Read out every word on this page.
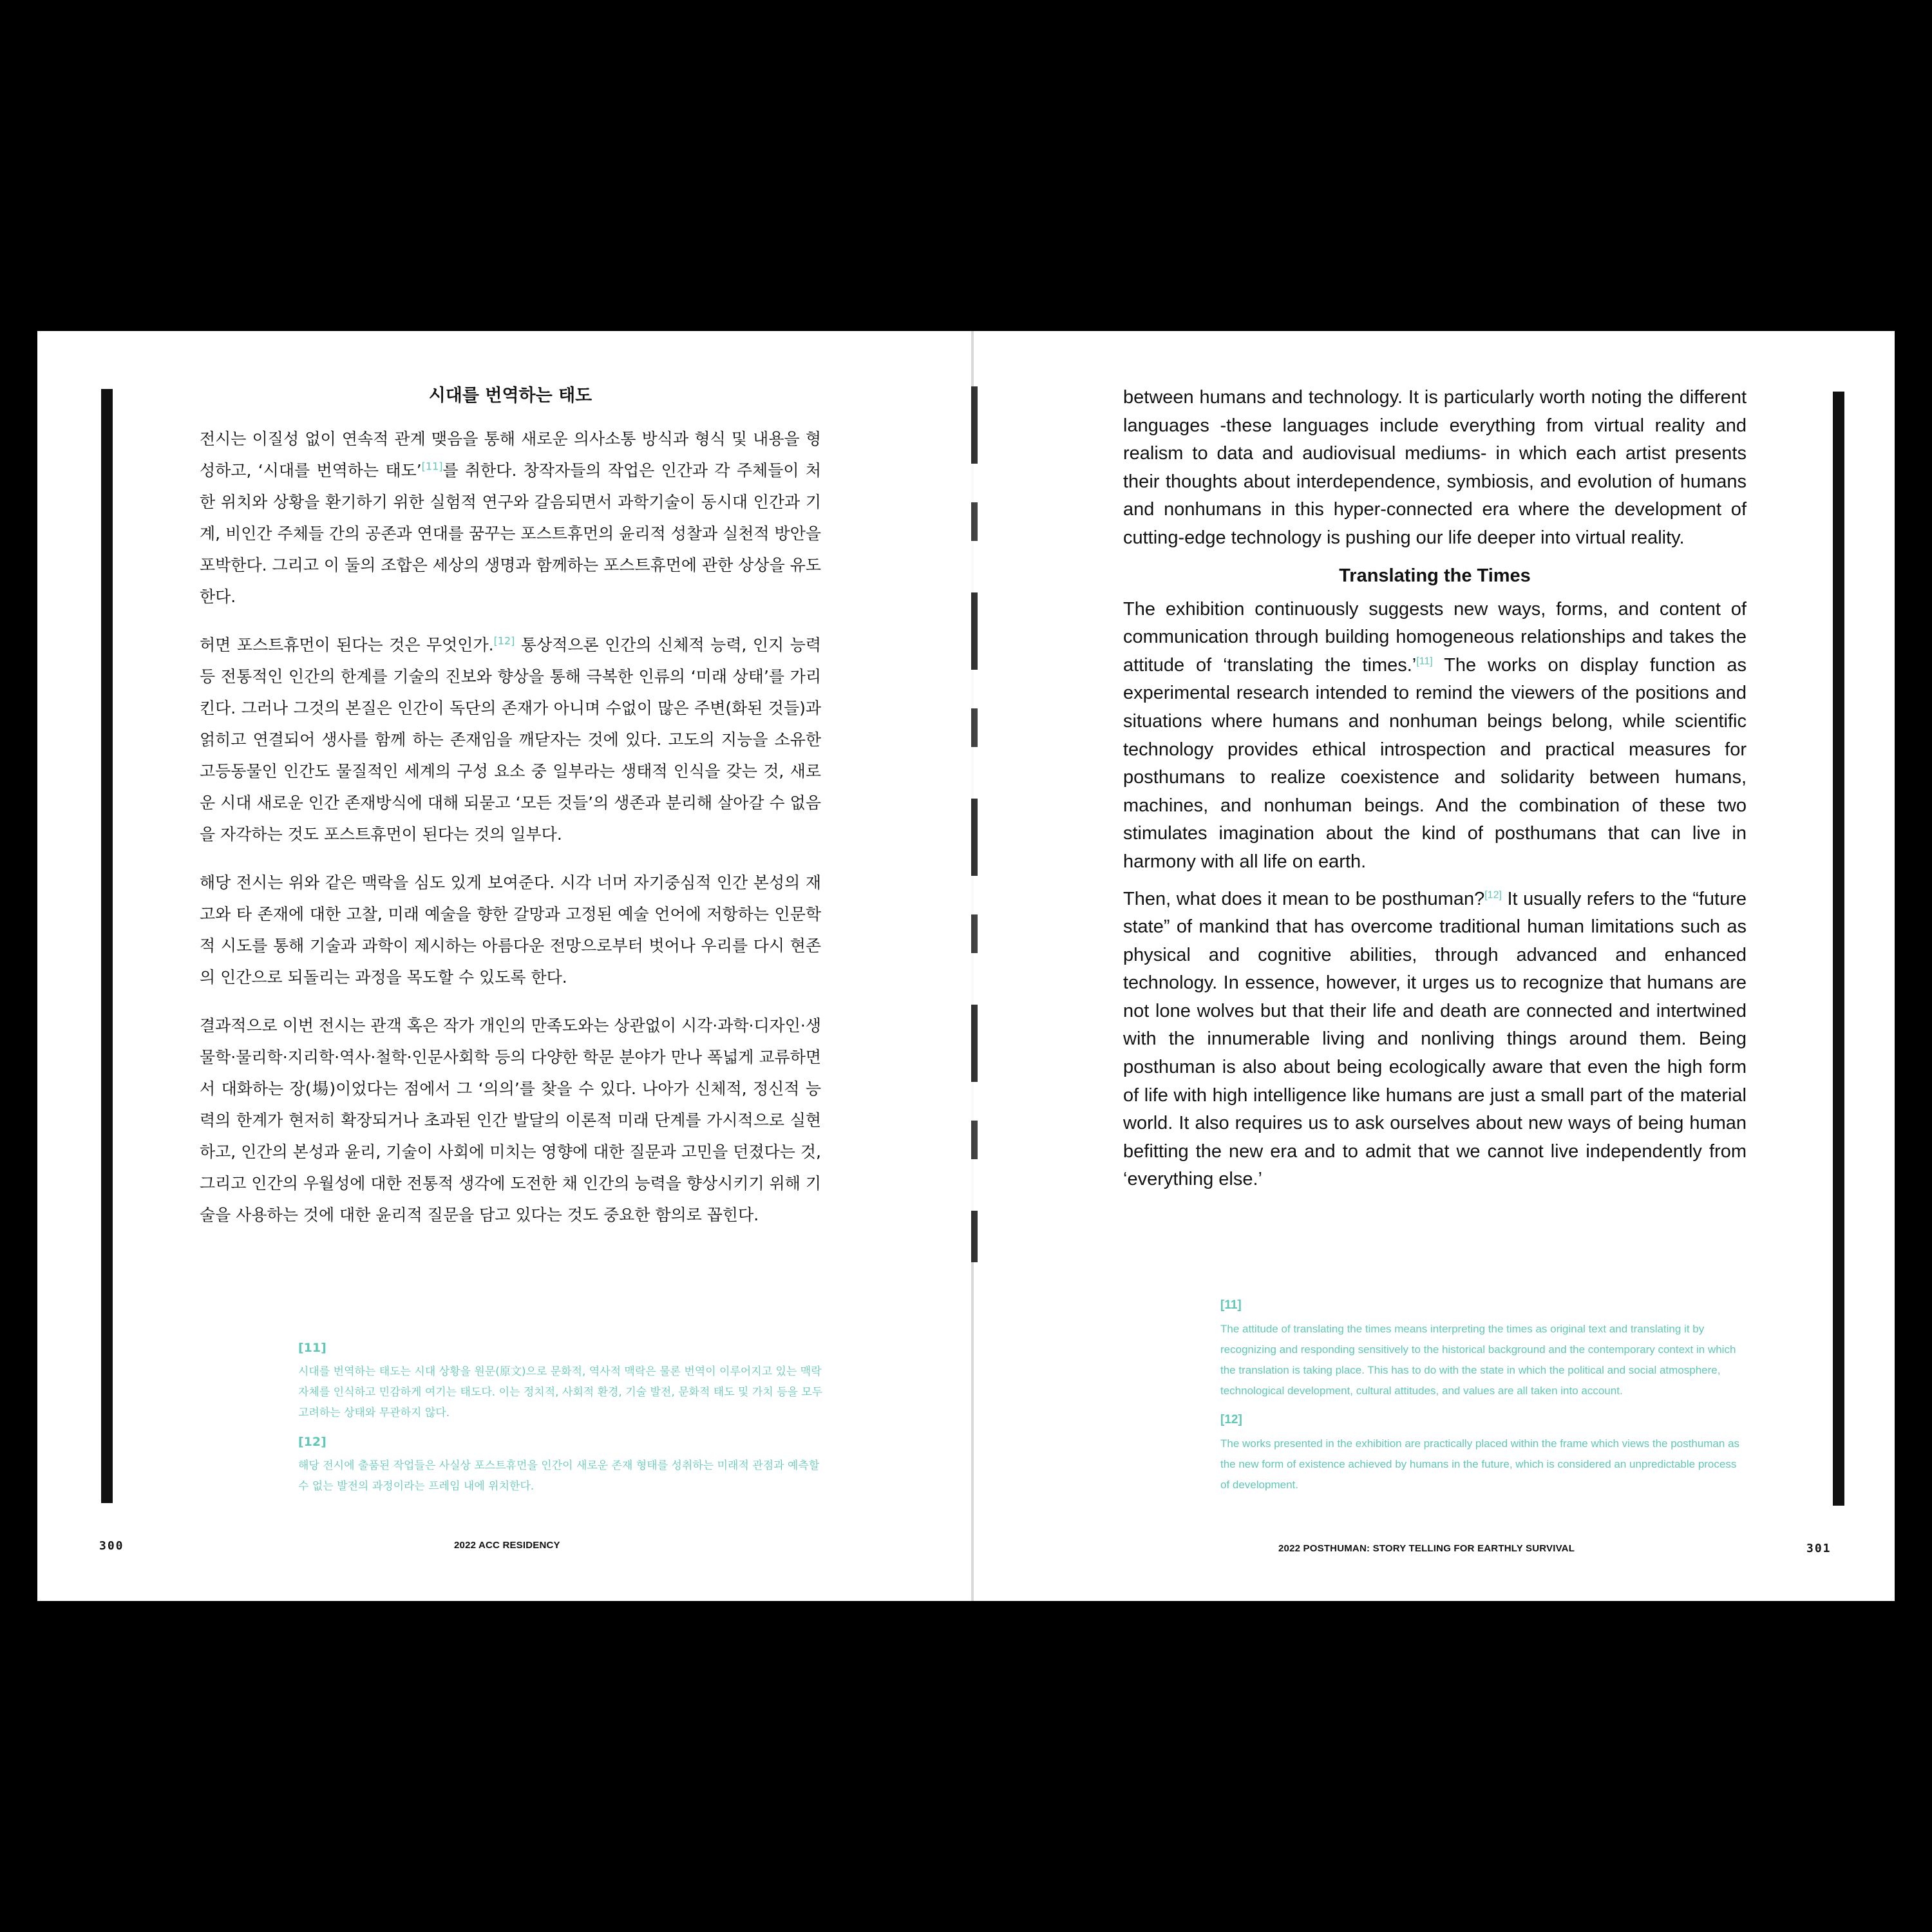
시대를 번역하는 태도

전시는 이질성 없이 연속적 관계 맺음을 통해 새로운 의사소통 방식과 형식 및 내용을 형성하고, ‘시대를 번역하는 태도’[11]를 취한다. 창작자들의 작업은 인간과 각 주체들이 처한 위치와 상황을 환기하기 위한 실험적 연구와 갈음되면서 과학기술이 동시대 인간과 기계, 비인간 주체들 간의 공존과 연대를 꿈꾸는 포스트휴먼의 윤리적 성찰과 실천적 방안을 포박한다. 그리고 이 둘의 조합은 세상의 생명과 함께하는 포스트휴먼에 관한 상상을 유도한다.

허면 포스트휴먼이 된다는 것은 무엇인가.[12] 통상적으론 인간의 신체적 능력, 인지 능력 등 전통적인 인간의 한계를 기술의 진보와 향상을 통해 극복한 인류의 ‘미래 상태’를 가리킨다. 그러나 그것의 본질은 인간이 독단의 존재가 아니며 수없이 많은 주변(화된 것들)과 얽히고 연결되어 생사를 함께 하는 존재임을 깨닫자는 것에 있다. 고도의 지능을 소유한 고등동물인 인간도 물질적인 세계의 구성 요소 중 일부라는 생태적 인식을 갖는 것, 새로운 시대 새로운 인간 존재방식에 대해 되묻고 ‘모든 것들’의 생존과 분리해 살아갈 수 없음을 자각하는 것도 포스트휴먼이 된다는 것의 일부다.

해당 전시는 위와 같은 맥락을 심도 있게 보여준다. 시각 너머 자기중심적 인간 본성의 재고와 타 존재에 대한 고찰, 미래 예술을 향한 갈망과 고정된 예술 언어에 저항하는 인문학적 시도를 통해 기술과 과학이 제시하는 아름다운 전망으로부터 벗어나 우리를 다시 현존의 인간으로 되돌리는 과정을 목도할 수 있도록 한다.

결과적으로 이번 전시는 관객 혹은 작가 개인의 만족도와는 상관없이 시각·과학·디자인·생물학·물리학·지리학·역사·철학·인문사회학 등의 다양한 학문 분야가 만나 폭넓게 교류하면서 대화하는 장(場)이었다는 점에서 그 ‘의의’를 찾을 수 있다. 나아가 신체적, 정신적 능력의 한계가 현저히 확장되거나 초과된 인간 발달의 이론적 미래 단계를 가시적으로 실현하고, 인간의 본성과 윤리, 기술이 사회에 미치는 영향에 대한 질문과 고민을 던졌다는 것, 그리고 인간의 우월성에 대한 전통적 생각에 도전한 채 인간의 능력을 향상시키기 위해 기술을 사용하는 것에 대한 윤리적 질문을 담고 있다는 것도 중요한 함의로 꼽힌다.

[11]
시대를 번역하는 태도는 시대 상황을 원문(原文)으로 문화적, 역사적 맥락은 물론 번역이 이루어지고 있는 맥락 자체를 인식하고 민감하게 여기는 태도다. 이는 정치적, 사회적 환경, 기술 발전, 문화적 태도 및 가치 등을 모두 고려하는 상태와 무관하지 않다.
[12]
해당 전시에 출품된 작업들은 사실상 포스트휴먼을 인간이 새로운 존재 형태를 성취하는 미래적 관점과 예측할 수 없는 발전의 과정이라는 프레임 내에 위치한다.
300	2022 ACC RESIDENCY

between humans and technology. It is particularly worth noting the different languages -these languages include everything from virtual reality and realism to data and audiovisual mediums- in which each artist presents their thoughts about interdependence, symbiosis, and evolution of humans and nonhumans in this hyper-connected era where the development of cutting-edge technology is pushing our life deeper into virtual reality.

Translating the Times

The exhibition continuously suggests new ways, forms, and content of communication through building homogeneous relationships and takes the attitude of ‘translating the times.’[11] The works on display function as experimental research intended to remind the viewers of the positions and situations where humans and nonhuman beings belong, while scientific technology provides ethical introspection and practical measures for posthumans to realize coexistence and solidarity between humans, machines, and nonhuman beings. And the combination of these two stimulates imagination about the kind of posthumans that can live in harmony with all life on earth.

Then, what does it mean to be posthuman?[12] It usually refers to the “future state” of mankind that has overcome traditional human limitations such as physical and cognitive abilities, through advanced and enhanced technology. In essence, however, it urges us to recognize that humans are not lone wolves but that their life and death are connected and intertwined with the innumerable living and nonliving things around them. Being posthuman is also about being ecologically aware that even the high form of life with high intelligence like humans are just a small part of the material world. It also requires us to ask ourselves about new ways of being human befitting the new era and to admit that we cannot live independently from ‘everything else.’

[11]
The attitude of translating the times means interpreting the times as original text and translating it by recognizing and responding sensitively to the historical background and the contemporary context in which the translation is taking place. This has to do with the state in which the political and social atmosphere, technological development, cultural attitudes, and values are all taken into account.
[12]
The works presented in the exhibition are practically placed within the frame which views the posthuman as the new form of existence achieved by humans in the future, which is considered an unpredictable process of development.
2022 POSTHUMAN: STORY TELLING FOR EARTHLY SURVIVAL	301
